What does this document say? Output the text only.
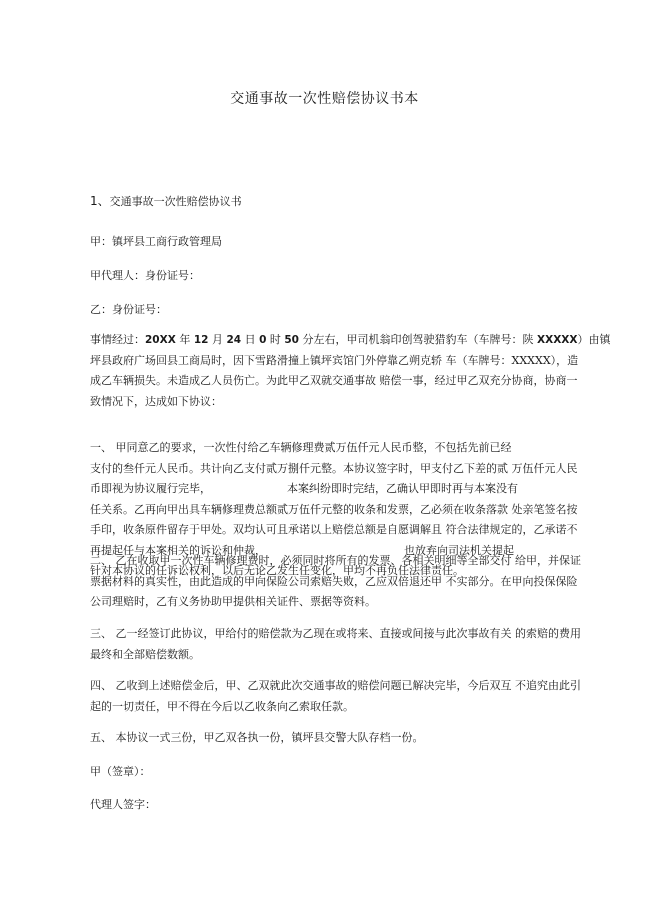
交通事故一次性赔偿协议书本
1、交通事故一次性赔偿协议书
甲：镇坪县工商行政管理局
甲代理人：身份证号：
乙：身份证号：
事情经过：20XX 年 12 月 24 日 0 时 50 分左右，甲司机翁印创驾驶猎豹车（车牌号：陕 XXXXX）由镇
坪县政府广场回县工商局时，因下雪路滑撞上镇坪宾馆门外停靠乙朔克轿 车（车牌号：XXXXX），造
成乙车辆损失。未造成乙人员伤亡。为此甲乙双就交通事故 赔偿一事，经过甲乙双充分协商，协商一
致情况下，达成如下协议：
一、 甲同意乙的要求，一次性付给乙车辆修理费贰万伍仟元人民币整，不包括先前已经
支付的叁仟元人民币。共计向乙支付贰万捌仟元整。本协议签字时，甲支付乙下差的贰 万伍仟元人民
币即视为协议履行完毕，	本案纠纷即时完结，乙确认甲即时再与本案没有
任关系。乙再向甲出具车辆修理费总额贰万伍仟元整的收条和发票，乙必须在收条落款 处亲笔签名按
手印，收条原件留存于甲处。双均认可且承诺以上赔偿总额是自愿调解且 符合法律规定的，乙承诺不
再提起任与本案相关的诉讼和仲裁，	也放弃向司法机关提起
针对本协议的任诉讼权利，以后无论乙发生任变化，甲均不再负任法律责任。
二、 乙在收取甲一次性车辆修理费时，必须同时将所有的发票、各相关明细等全部交付 给甲，并保证
票据材料的真实性，由此造成的甲向保险公司索赔失败，乙应双倍退还甲 不实部分。在甲向投保保险
公司理赔时，乙有义务协助甲提供相关证件、票据等资料。
三、 乙一经签订此协议，甲给付的赔偿款为乙现在或将来、直接或间接与此次事故有关 的索赔的费用
最终和全部赔偿数额。
四、 乙收到上述赔偿金后，甲、乙双就此次交通事故的赔偿问题已解决完毕，今后双互 不追究由此引
起的一切责任，甲不得在今后以乙收条向乙索取任款。
五、 本协议一式三份，甲乙双各执一份，镇坪县交警大队存档一份。
甲（签章）：
代理人签字：
